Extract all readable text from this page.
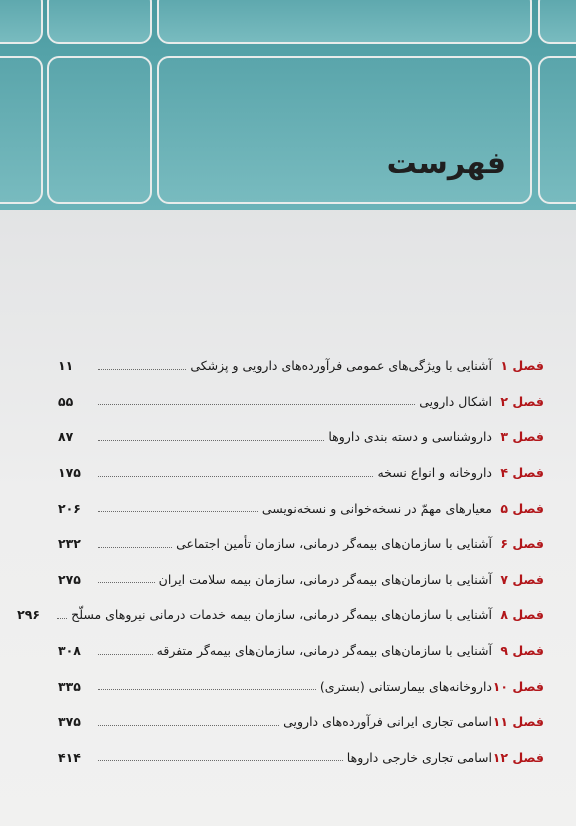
فهرست
فصل ۱
آشنایی با ویژگی‌های عمومی فرآورده‌های دارویی و پزشکی
۱۱
فصل ۲
اشکال دارویی
۵۵
فصل ۳
داروشناسی و دسته بندی داروها
۸۷
فصل ۴
داروخانه و انواع نسخه
۱۷۵
فصل ۵
معیارهای مهمّ در نسخه‌خوانی و نسخه‌نویسی
۲۰۶
فصل ۶
آشنایی با سازمان‌های بیمه‌گر درمانی، سازمان تأمین اجتماعی
۲۳۲
فصل ۷
آشنایی با سازمان‌های بیمه‌گر درمانی، سازمان بیمه سلامت ایران
۲۷۵
فصل ۸
آشنایی با سازمان‌های بیمه‌گر درمانی، سازمان بیمه خدمات درمانی نیروهای مسلّح
۲۹۶
فصل ۹
آشنایی با سازمان‌های بیمه‌گر درمانی، سازمان‌های بیمه‌گر متفرقه
۳۰۸
فصل ۱۰
داروخانه‌های بیمارستانی (بستری)
۳۳۵
فصل ۱۱
اسامی تجاری ایرانی فرآورده‌های دارویی
۳۷۵
فصل ۱۲
اسامی تجاری خارجی داروها
۴۱۴
